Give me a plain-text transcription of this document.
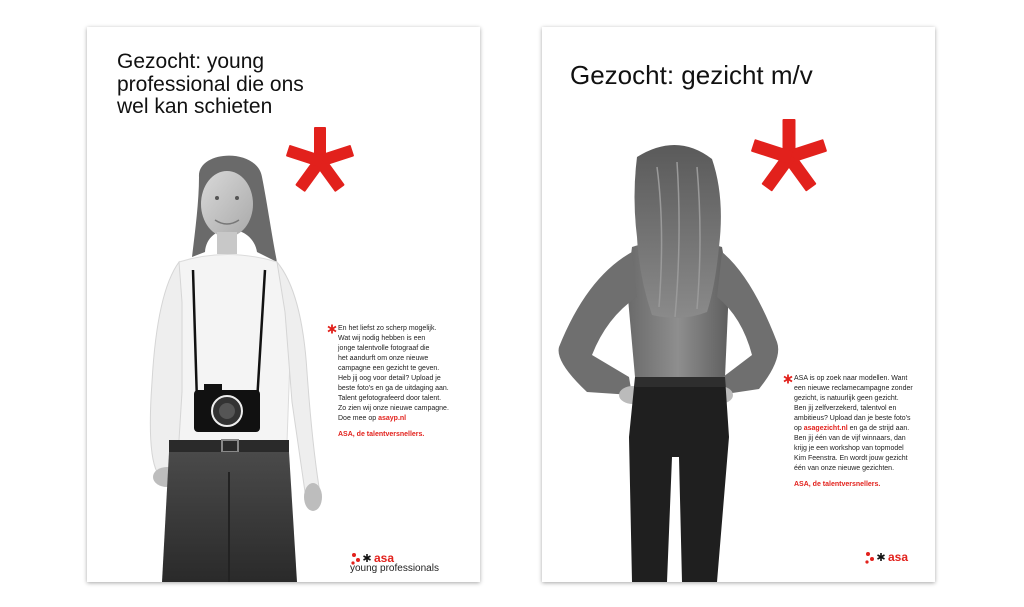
Gezocht: young
professional die ons
wel kan schieten
En het liefst zo scherp mogelijk.
Wat wij nodig hebben is een
jonge talentvolle fotograaf die
het aandurft om onze nieuwe
campagne een gezicht te geven.
Heb jij oog voor detail? Upload je
beste foto's en ga de uitdaging aan.
Talent gefotografeerd door talent.
Zo zien wij onze nieuwe campagne.
Doe mee op asayp.nl
ASA, de talentversnellers.
asa
young professionals
Gezocht: gezicht m/v
ASA is op zoek naar modellen. Want
een nieuwe reclamecampagne zonder
gezicht, is natuurlijk geen gezicht.
Ben jij zelfverzekerd, talentvol en
ambitieus? Upload dan je beste foto's
op asagezicht.nl en ga de strijd aan.
Ben jij één van de vijf winnaars, dan
krijg je een workshop van topmodel
Kim Feenstra. En wordt jouw gezicht
één van onze nieuwe gezichten.
ASA, de talentversnellers.
asa
